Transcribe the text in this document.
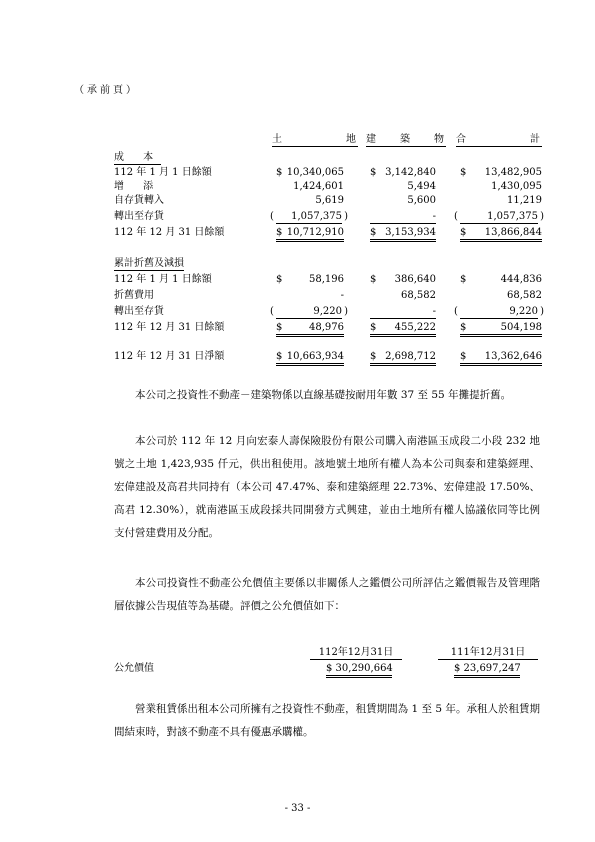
（承前頁）
土	地 建 築 物 合	計
成 本
112 年 1 月 1 日餘額	$ 10,340,065	$ 3,142,840 $ 13,482,905
增 添	1,424,601	5,494	1,430,095
自存貨轉入	5,619	5,600	11,219
轉出至存貨	(	1,057,375 )	- (	1,057,375 )
112 年 12 月 31 日餘額	$ 10,712,910	$ 3,153,934 $ 13,866,844
累計折舊及減損
112 年 1 月 1 日餘額	$	58,196	$ 386,640 $	444,836
折舊費用	-	68,582	68,582
轉出至存貨	(	9,220 )	- (	9,220 )
112 年 12 月 31 日餘額	$	48,976	$ 455,222 $	504,198
112 年 12 月 31 日淨額	$ 10,663,934	$ 2,698,712 $ 13,362,646

本公司之投資性不動產－建築物係以直線基礎按耐用年數 37 至 55 年攤提折舊。

本公司於 112 年 12 月向宏泰人壽保險股份有限公司購入南港區玉成段二小段 232 地號之土地 1,423,935 仟元，供出租使用。該地號土地所有權人為本公司與泰和建築經理、宏偉建設及高君共同持有（本公司 47.47%、泰和建築經理 22.73%、宏偉建設 17.50%、高君 12.30%），就南港區玉成段採共同開發方式興建，並由土地所有權人協議依同等比例支付營建費用及分配。

本公司投資性不動產公允價值主要係以非關係人之鑑價公司所評估之鑑價報告及管理階層依據公告現值等為基礎。評價之公允價值如下：

112年12月31日	111年12月31日
公允價值	$ 30,290,664	$ 23,697,247

營業租賃係出租本公司所擁有之投資性不動產，租賃期間為 1 至 5 年。承租人於租賃期間結束時，對該不動產不具有優惠承購權。

- 33 -
